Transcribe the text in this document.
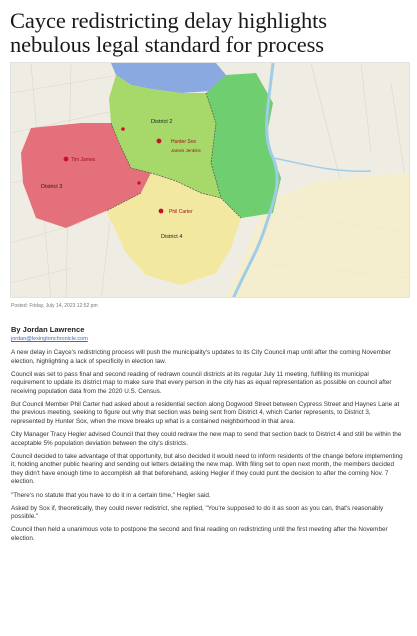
Cayce redistricting delay highlights nebulous legal standard for process
District 2
District 3
District 4
Hunter Sox
Tim James
Phil Carter
James Jenkins
Posted: Friday, July 14, 2023 12:52 pm
By Jordan Lawrence
jordan@lexingtonchronicle.com

A new delay in Cayce's redistricting process will push the municipality's updates to its City Council map until after the coming November election, highlighting a lack of specificity in election law.

Council was set to pass final and second reading of redrawn council districts at its regular July 11 meeting, fulfilling its municipal requirement to update its district map to make sure that every person in the city has as equal representation as possible on council after receiving population data from the 2020 U.S. Census.

But Council Member Phil Carter had asked about a residential section along Dogwood Street between Cypress Street and Haynes Lane at the previous meeting, seeking to figure out why that section was being sent from District 4, which Carter represents, to District 3, represented by Hunter Sox, when the move breaks up what is a contained neighborhood in that area.

City Manager Tracy Hegler advised Council that they could redraw the new map to send that section back to District 4 and still be within the acceptable 5% population deviation between the city's districts.

Council decided to take advantage of that opportunity, but also decided it would need to inform residents of the change before implementing it, holding another public hearing and sending out letters detailing the new map. With filing set to open next month, the members decided they didn't have enough time to accomplish all that beforehand, asking Hegler if they could punt the decision to after the coming Nov. 7 election.

"There's no statute that you have to do it in a certain time," Hegler said.

Asked by Sox if, theoretically, they could never redistrict, she replied, "You're supposed to do it as soon as you can, that's reasonably possible."

Council then held a unanimous vote to postpone the second and final reading on redistricting until the first meeting after the November election.
